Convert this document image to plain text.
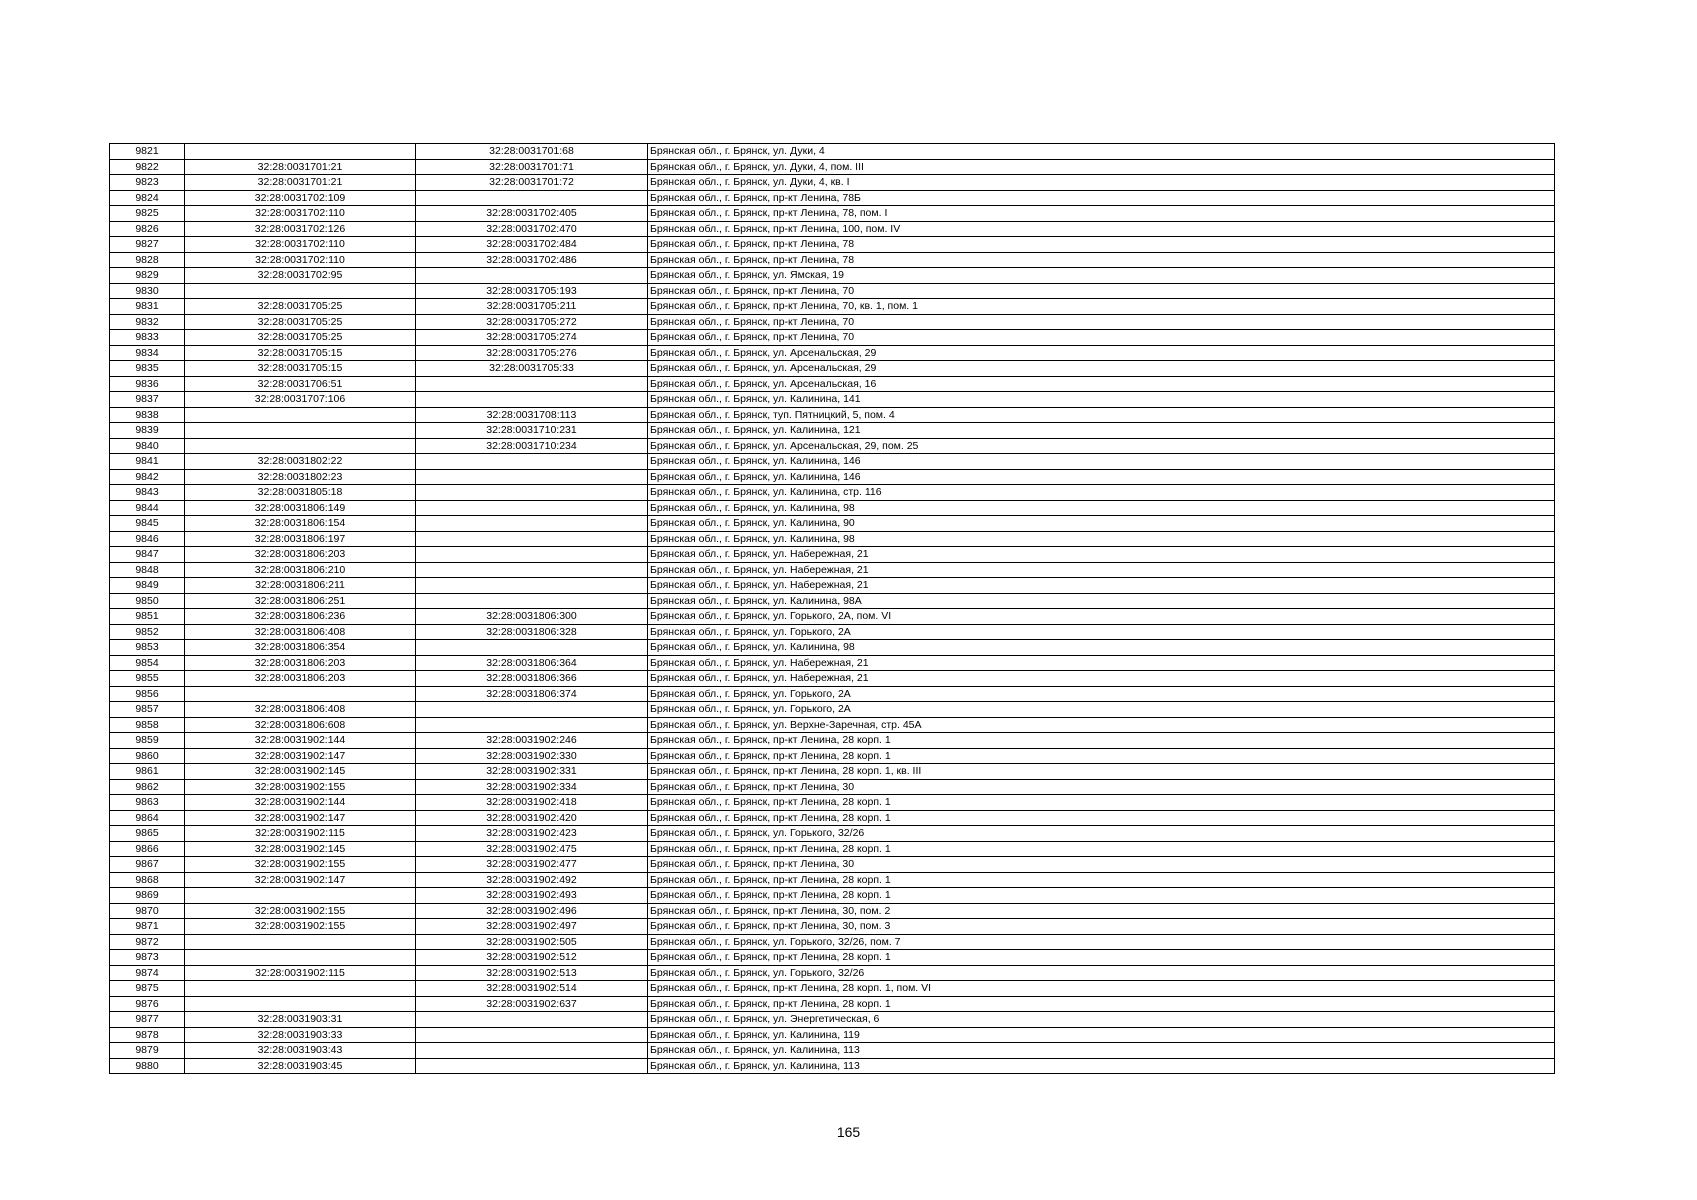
9821		32:28:0031701:68	Брянская обл., г. Брянск, ул. Дуки, 4
9822	32:28:0031701:21	32:28:0031701:71	Брянская обл., г. Брянск, ул. Дуки, 4, пом. III
9823	32:28:0031701:21	32:28:0031701:72	Брянская обл., г. Брянск, ул. Дуки, 4, кв. I
9824	32:28:0031702:109		Брянская обл., г. Брянск, пр-кт Ленина, 78Б
9825	32:28:0031702:110	32:28:0031702:405	Брянская обл., г. Брянск, пр-кт Ленина, 78, пом. I
9826	32:28:0031702:126	32:28:0031702:470	Брянская обл., г. Брянск, пр-кт Ленина, 100, пом. IV
9827	32:28:0031702:110	32:28:0031702:484	Брянская обл., г. Брянск, пр-кт Ленина, 78
9828	32:28:0031702:110	32:28:0031702:486	Брянская обл., г. Брянск, пр-кт Ленина, 78
9829	32:28:0031702:95		Брянская обл., г. Брянск, ул. Ямская, 19
9830		32:28:0031705:193	Брянская обл., г. Брянск, пр-кт Ленина, 70
9831	32:28:0031705:25	32:28:0031705:211	Брянская обл., г. Брянск, пр-кт Ленина, 70, кв. 1, пом. 1
9832	32:28:0031705:25	32:28:0031705:272	Брянская обл., г. Брянск, пр-кт Ленина, 70
9833	32:28:0031705:25	32:28:0031705:274	Брянская обл., г. Брянск, пр-кт Ленина, 70
9834	32:28:0031705:15	32:28:0031705:276	Брянская обл., г. Брянск, ул. Арсенальская, 29
9835	32:28:0031705:15	32:28:0031705:33	Брянская обл., г. Брянск, ул. Арсенальская, 29
9836	32:28:0031706:51		Брянская обл., г. Брянск, ул. Арсенальская, 16
9837	32:28:0031707:106		Брянская обл., г. Брянск, ул. Калинина, 141
9838		32:28:0031708:113	Брянская обл., г. Брянск, туп. Пятницкий, 5, пом. 4
9839		32:28:0031710:231	Брянская обл., г. Брянск, ул. Калинина, 121
9840		32:28:0031710:234	Брянская обл., г. Брянск, ул. Арсенальская, 29, пом. 25
9841	32:28:0031802:22		Брянская обл., г. Брянск, ул. Калинина, 146
9842	32:28:0031802:23		Брянская обл., г. Брянск, ул. Калинина, 146
9843	32:28:0031805:18		Брянская обл., г. Брянск, ул. Калинина, стр. 116
9844	32:28:0031806:149		Брянская обл., г. Брянск, ул. Калинина, 98
9845	32:28:0031806:154		Брянская обл., г. Брянск, ул. Калинина, 90
9846	32:28:0031806:197		Брянская обл., г. Брянск, ул. Калинина, 98
9847	32:28:0031806:203		Брянская обл., г. Брянск, ул. Набережная, 21
9848	32:28:0031806:210		Брянская обл., г. Брянск, ул. Набережная, 21
9849	32:28:0031806:211		Брянская обл., г. Брянск, ул. Набережная, 21
9850	32:28:0031806:251		Брянская обл., г. Брянск, ул. Калинина, 98А
9851	32:28:0031806:236	32:28:0031806:300	Брянская обл., г. Брянск, ул. Горького, 2А, пом. VI
9852	32:28:0031806:408	32:28:0031806:328	Брянская обл., г. Брянск, ул. Горького, 2А
9853	32:28:0031806:354		Брянская обл., г. Брянск, ул. Калинина, 98
9854	32:28:0031806:203	32:28:0031806:364	Брянская обл., г. Брянск, ул. Набережная, 21
9855	32:28:0031806:203	32:28:0031806:366	Брянская обл., г. Брянск, ул. Набережная, 21
9856		32:28:0031806:374	Брянская обл., г. Брянск, ул. Горького, 2А
9857	32:28:0031806:408		Брянская обл., г. Брянск, ул. Горького, 2А
9858	32:28:0031806:608		Брянская обл., г. Брянск, ул. Верхне-Заречная, стр. 45А
9859	32:28:0031902:144	32:28:0031902:246	Брянская обл., г. Брянск, пр-кт Ленина, 28 корп. 1
9860	32:28:0031902:147	32:28:0031902:330	Брянская обл., г. Брянск, пр-кт Ленина, 28 корп. 1
9861	32:28:0031902:145	32:28:0031902:331	Брянская обл., г. Брянск, пр-кт Ленина, 28 корп. 1, кв. III
9862	32:28:0031902:155	32:28:0031902:334	Брянская обл., г. Брянск, пр-кт Ленина, 30
9863	32:28:0031902:144	32:28:0031902:418	Брянская обл., г. Брянск, пр-кт Ленина, 28 корп. 1
9864	32:28:0031902:147	32:28:0031902:420	Брянская обл., г. Брянск, пр-кт Ленина, 28 корп. 1
9865	32:28:0031902:115	32:28:0031902:423	Брянская обл., г. Брянск, ул. Горького, 32/26
9866	32:28:0031902:145	32:28:0031902:475	Брянская обл., г. Брянск, пр-кт Ленина, 28 корп. 1
9867	32:28:0031902:155	32:28:0031902:477	Брянская обл., г. Брянск, пр-кт Ленина, 30
9868	32:28:0031902:147	32:28:0031902:492	Брянская обл., г. Брянск, пр-кт Ленина, 28 корп. 1
9869		32:28:0031902:493	Брянская обл., г. Брянск, пр-кт Ленина, 28 корп. 1
9870	32:28:0031902:155	32:28:0031902:496	Брянская обл., г. Брянск, пр-кт Ленина, 30, пом. 2
9871	32:28:0031902:155	32:28:0031902:497	Брянская обл., г. Брянск, пр-кт Ленина, 30, пом. 3
9872		32:28:0031902:505	Брянская обл., г. Брянск, ул. Горького, 32/26, пом. 7
9873		32:28:0031902:512	Брянская обл., г. Брянск, пр-кт Ленина, 28 корп. 1
9874	32:28:0031902:115	32:28:0031902:513	Брянская обл., г. Брянск, ул. Горького, 32/26
9875		32:28:0031902:514	Брянская обл., г. Брянск, пр-кт Ленина, 28 корп. 1, пом. VI
9876		32:28:0031902:637	Брянская обл., г. Брянск, пр-кт Ленина, 28 корп. 1
9877	32:28:0031903:31		Брянская обл., г. Брянск, ул. Энергетическая, 6
9878	32:28:0031903:33		Брянская обл., г. Брянск, ул. Калинина, 119
9879	32:28:0031903:43		Брянская обл., г. Брянск, ул. Калинина, 113
9880	32:28:0031903:45		Брянская обл., г. Брянск, ул. Калинина, 113
165
